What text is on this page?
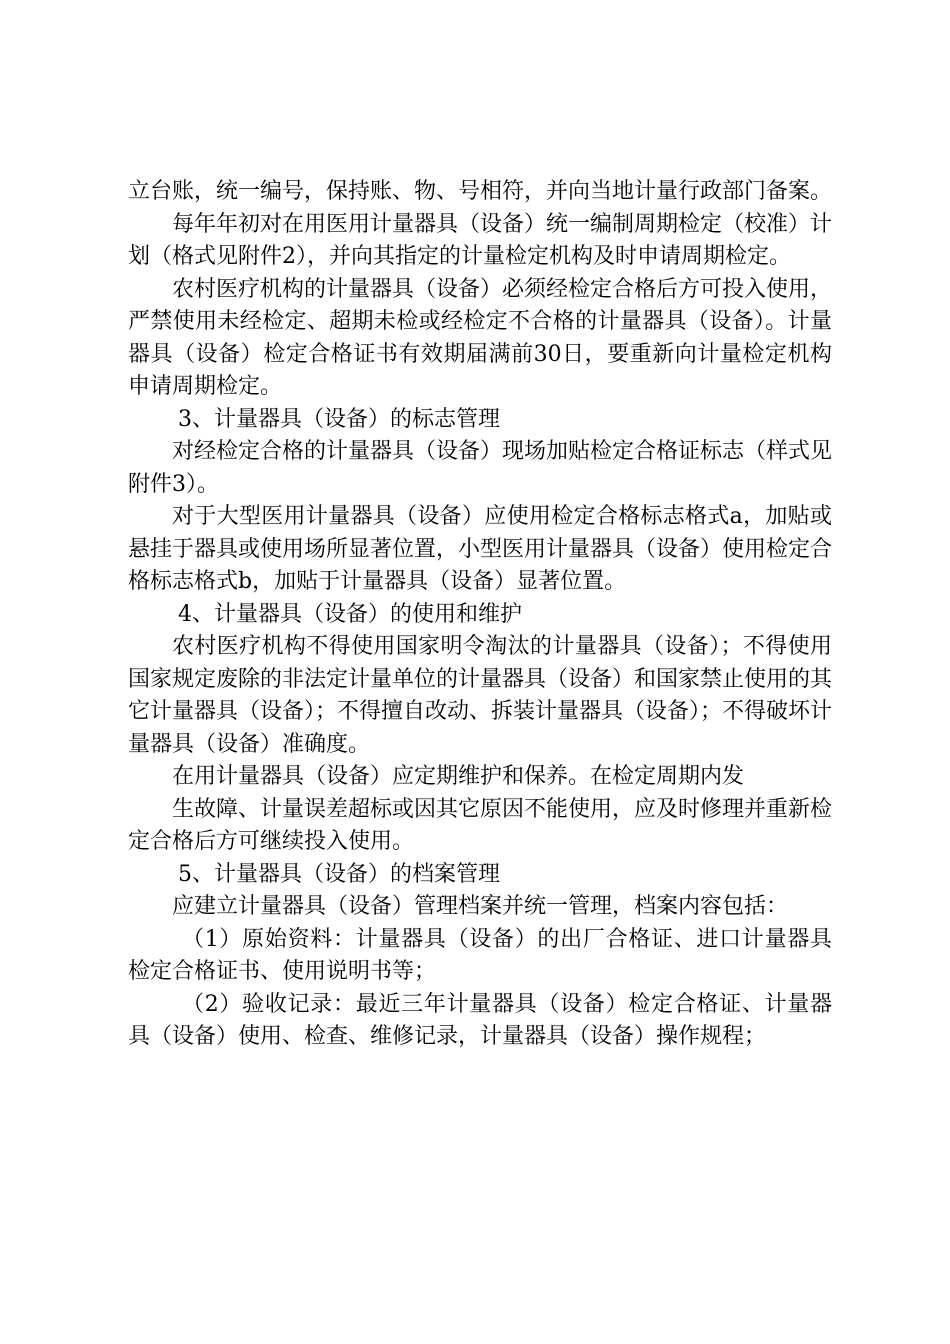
立台账，统一编号，保持账、物、号相符，并向当地计量行政部门备案。

每年年初对在用医用计量器具（设备）统一编制周期检定（校准）计划（格式见附件2），并向其指定的计量检定机构及时申请周期检定。

农村医疗机构的计量器具（设备）必须经检定合格后方可投入使用，严禁使用未经检定、超期未检或经检定不合格的计量器具（设备）。计量器具（设备）检定合格证书有效期届满前30日，要重新向计量检定机构申请周期检定。

3、计量器具（设备）的标志管理

对经检定合格的计量器具（设备）现场加贴检定合格证标志（样式见附件3）。

对于大型医用计量器具（设备）应使用检定合格标志格式a，加贴或悬挂于器具或使用场所显著位置，小型医用计量器具（设备）使用检定合格标志格式b，加贴于计量器具（设备）显著位置。

4、计量器具（设备）的使用和维护

农村医疗机构不得使用国家明令淘汰的计量器具（设备）；不得使用国家规定废除的非法定计量单位的计量器具（设备）和国家禁止使用的其它计量器具（设备）；不得擅自改动、拆装计量器具（设备）；不得破坏计量器具（设备）准确度。

在用计量器具（设备）应定期维护和保养。在检定周期内发

生故障、计量误差超标或因其它原因不能使用，应及时修理并重新检定合格后方可继续投入使用。

5、计量器具（设备）的档案管理

应建立计量器具（设备）管理档案并统一管理，档案内容包括：

（1）原始资料：计量器具（设备）的出厂合格证、进口计量器具检定合格证书、使用说明书等；

（2）验收记录：最近三年计量器具（设备）检定合格证、计量器具（设备）使用、检查、维修记录，计量器具（设备）操作规程；
